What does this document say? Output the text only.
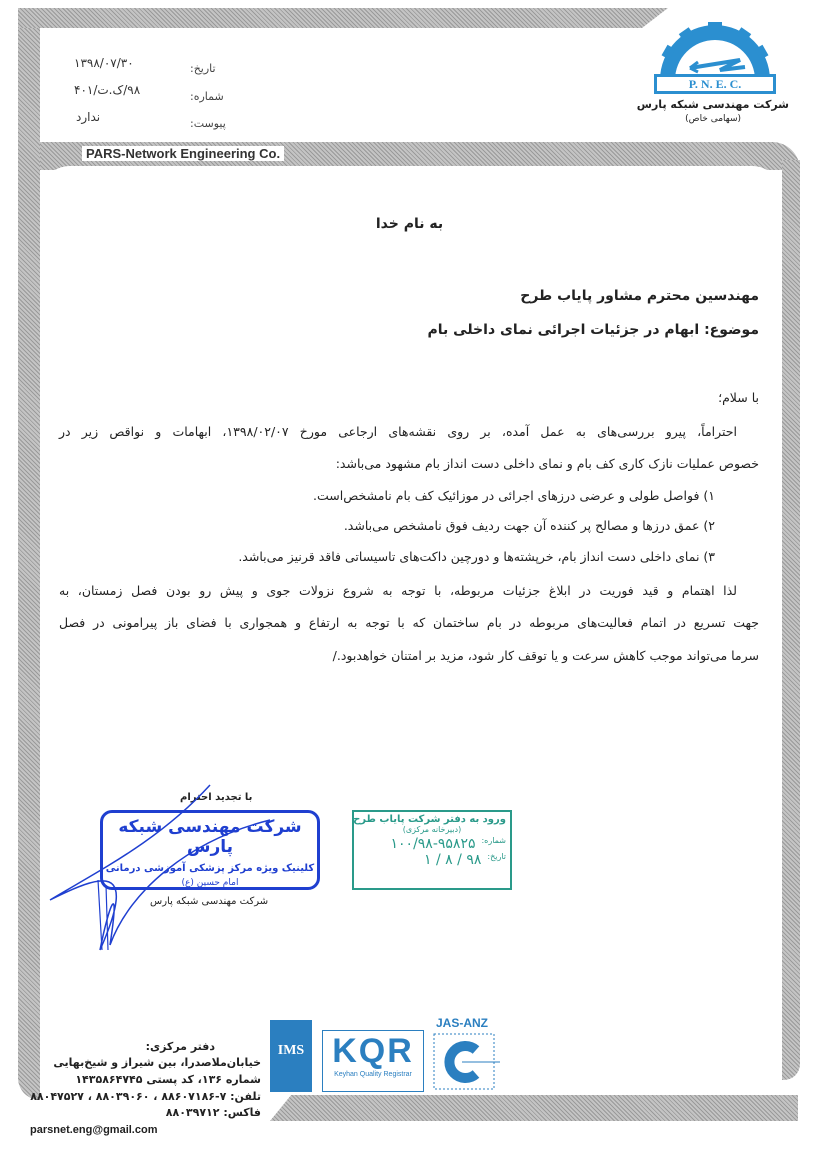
PARS-Network Engineering Co.
تاریخ:
۱۳۹۸/۰۷/۳۰
شماره:
۹۸/ک.ت/۴۰۱
پیوست:
ندارد
P. N. E. C.
شرکت مهندسی شبکه پارس
(سهامی خاص)
به نام خدا
مهندسین محترم مشاور پایاب طرح
موضوع: ابهام در جزئیات اجرائی نمای داخلی بام
با سلام؛
احتراماً، پیرو بررسی‌های به عمل آمده، بر روی نقشه‌های ارجاعی مورخ ۱۳۹۸/۰۲/۰۷، ابهامات و نواقص زیر در
خصوص عملیات نازک کاری کف بام و نمای داخلی دست انداز بام مشهود می‌باشد:
۱) فواصل طولی و عرضی درزهای اجرائی در موزائیک کف بام نامشخص‌است.
۲) عمق درزها و مصالح پر کننده آن جهت ردیف فوق نامشخص می‌باشد.
۳) نمای داخلی دست انداز بام، خرپشته‌ها و دورچین داکت‌های تاسیساتی فاقد قرنیز می‌باشد.
لذا اهتمام و قید فوریت در ابلاغ جزئیات مربوطه، با توجه به شروع نزولات جوی و پیش رو بودن فصل زمستان، به
جهت تسریع در اتمام فعالیت‌های مربوطه در بام ساختمان که با توجه به ارتفاع و همجواری با فضای باز پیرامونی در فصل
سرما می‌تواند موجب کاهش سرعت و یا توقف کار شود، مزید بر امتنان خواهدبود./
با تجدید احترام
شرکت مهندسی شبکه پارس
کلینیک ویژه مرکز پزشکی آموزشی درمانی
امام حسین (ع)
شرکت مهندسی شبکه پارس
ورود به دفتر شرکت پایاب طرح
(دبیرخانه مرکزی)
شماره:
۱۰۰/۹۸-۹۵۸۲۵
تاریخ:
۹۸ / ۸ / ۱
دفتر مرکزی:
خیابان‌ملاصدرا، بین شیراز و شیخ‌بهایی
شماره ۱۳۶، کد پستی ۱۴۳۵۸۶۴۷۴۵
تلفن: ۷-۸۸۶۰۷۱۸۶ ، ۸۸۰۳۹۰۶۰ ، ۸۸۰۴۷۵۲۷
فاکس: ۸۸۰۳۹۷۱۲
parsnet.eng@gmail.com
IMS KQR
Keyhan Quality Registrar
JAS-ANZ
